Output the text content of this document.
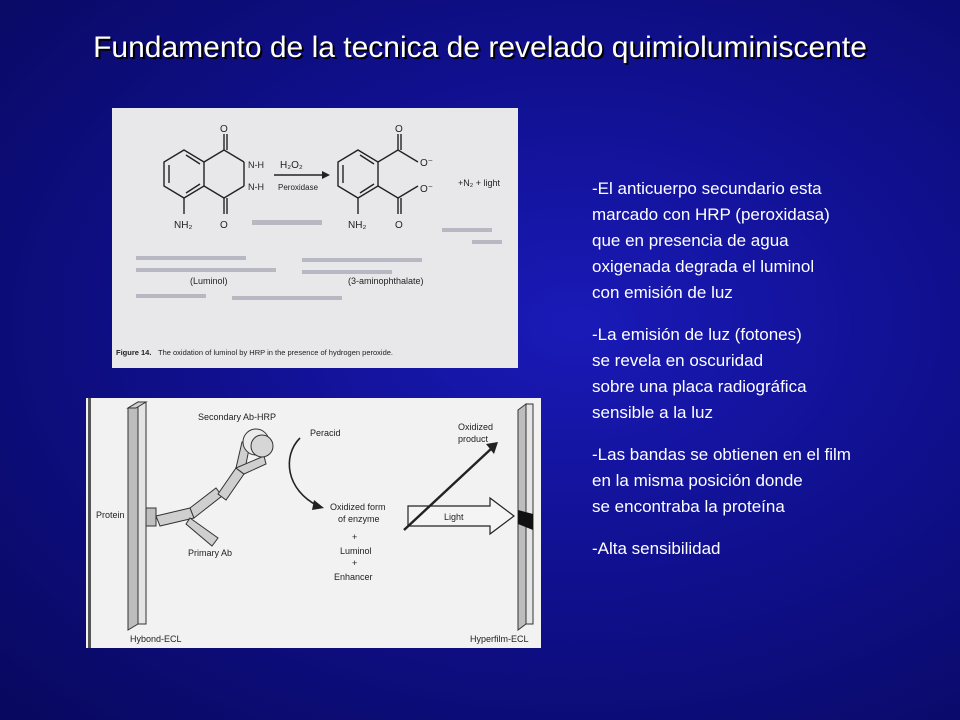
Fundamento de la tecnica de revelado quimioluminiscente
O
O
N-H
N-H
NH₂
H₂O₂
Peroxidase
O
O
O⁻
O⁻
NH₂
+N₂ + light
(Luminol)	(3-aminophthalate)
Figure 14. The oxidation of luminol by HRP in the presence of hydrogen peroxide.
Secondary Ab-HRP
Protein
Primary Ab
Peracid
Oxidized form
of enzyme
+
Luminol
+
Enhancer
Light
Oxidized
product
Hybond-ECL	Hyperfilm-ECL
-El anticuerpo secundario esta
marcado con HRP (peroxidasa)
que en presencia de agua
oxigenada degrada el luminol
con emisión de luz
-La emisión de luz (fotones)
se revela en oscuridad
sobre una placa radiográfica
sensible a la luz
-Las bandas se obtienen en el film
en la misma posición donde
se encontraba la proteína
-Alta sensibilidad
